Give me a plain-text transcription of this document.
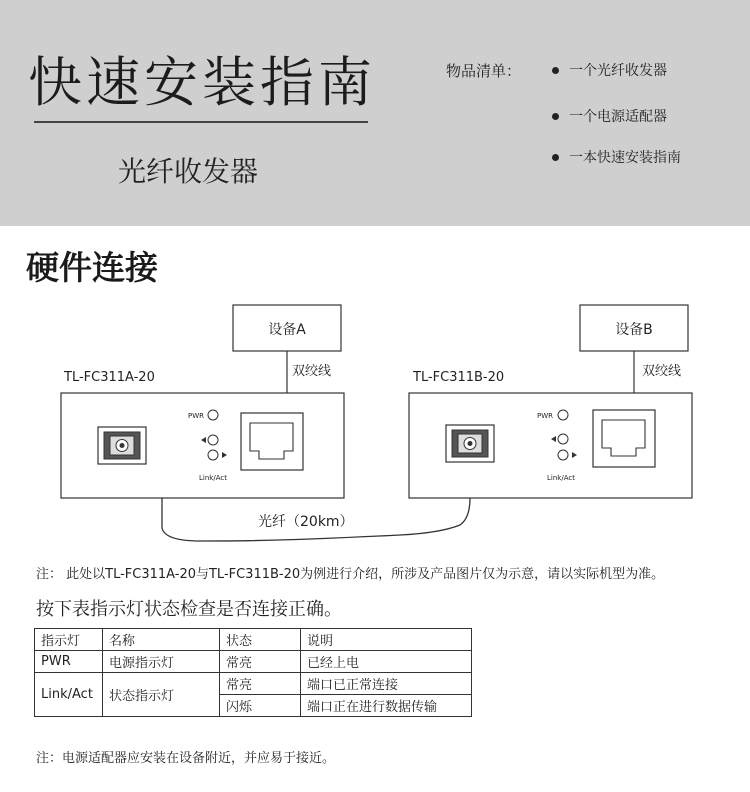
快速安装指南
光纤收发器
物品清单：	一个光纤收发器
一个电源适配器
一本快速安装指南
硬件连接
设备A
双绞线
TL-FC311A-20
设备B
双绞线
TL-FC311B-20
PWR
Link/Act
PWR
Link/Act
光纤（20km）
注： 此处以TL-FC311A-20与TL-FC311B-20为例进行介绍，所涉及产品图片仅为示意，请以实际机型为准。
按下表指示灯状态检查是否连接正确。
指示灯	名称	状态	说明
PWR	电源指示灯	常亮	已经上电
Link/Act	状态指示灯	常亮	端口已正常连接
		闪烁	端口正在进行数据传输
注：电源适配器应安装在设备附近，并应易于接近。
